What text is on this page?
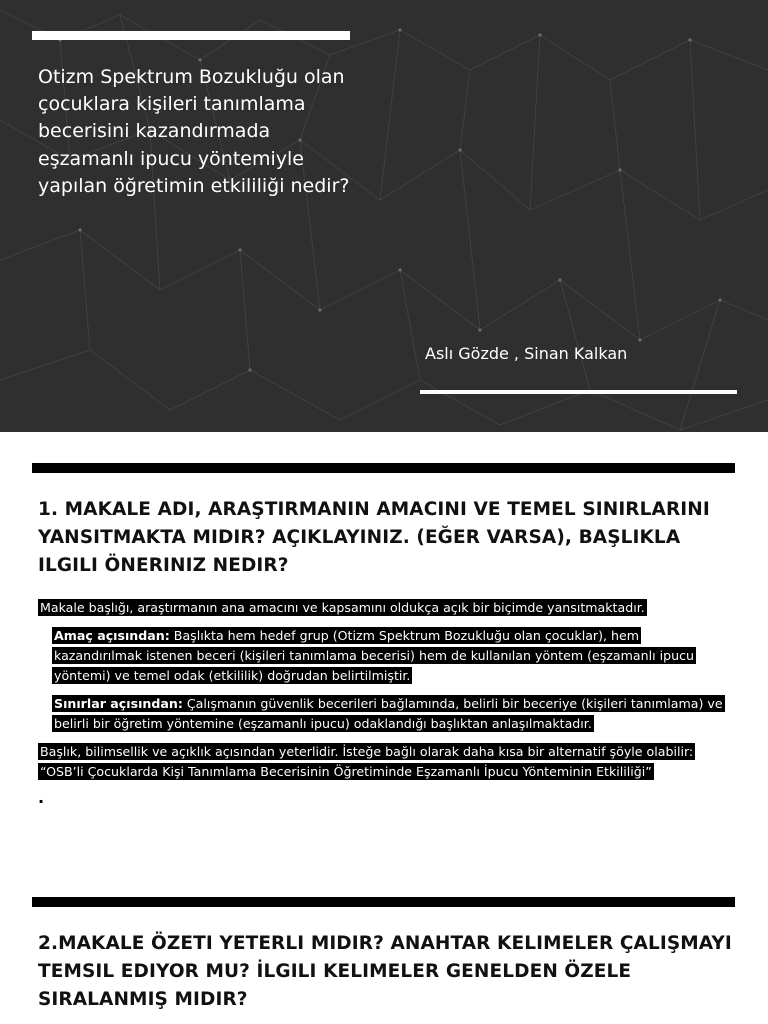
Otizm Spektrum Bozukluğu olan çocuklara kişileri tanımlama becerisini kazandırmada eşzamanlı ipucu yöntemiyle yapılan öğretimin etkililiği nedir?
Aslı Gözde , Sinan Kalkan
1. MAKALE ADI, ARAŞTIRMANIN AMACINI VE TEMEL SINIRLARINI YANSITMAKTA MIDIR? AÇIKLAYINIZ. (EĞER VARSA), BAŞLIKLA ILGILI ÖNERINIZ NEDIR?

Makale başlığı, araştırmanın ana amacını ve kapsamını oldukça açık bir biçimde yansıtmaktadır.

Amaç açısından: Başlıkta hem hedef grup (Otizm Spektrum Bozukluğu olan çocuklar), hem kazandırılmak istenen beceri (kişileri tanımlama becerisi) hem de kullanılan yöntem (eşzamanlı ipucu yöntemi) ve temel odak (etkililik) doğrudan belirtilmiştir.

Sınırlar açısından: Çalışmanın güvenlik becerileri bağlamında, belirli bir beceriye (kişileri tanımlama) ve belirli bir öğretim yöntemine (eşzamanlı ipucu) odaklandığı başlıktan anlaşılmaktadır.

Başlık, bilimsellik ve açıklık açısından yeterlidir. İsteğe bağlı olarak daha kısa bir alternatif şöyle olabilir: “OSB’li Çocuklarda Kişi Tanımlama Becerisinin Öğretiminde Eşzamanlı İpucu Yönteminin Etkililiği”

.
2.MAKALE ÖZETI YETERLI MIDIR? ANAHTAR KELIMELER ÇALIŞMAYI TEMSIL EDIYOR MU? İLGILI KELIMELER GENELDEN ÖZELE SIRALANMIŞ MIDIR?
